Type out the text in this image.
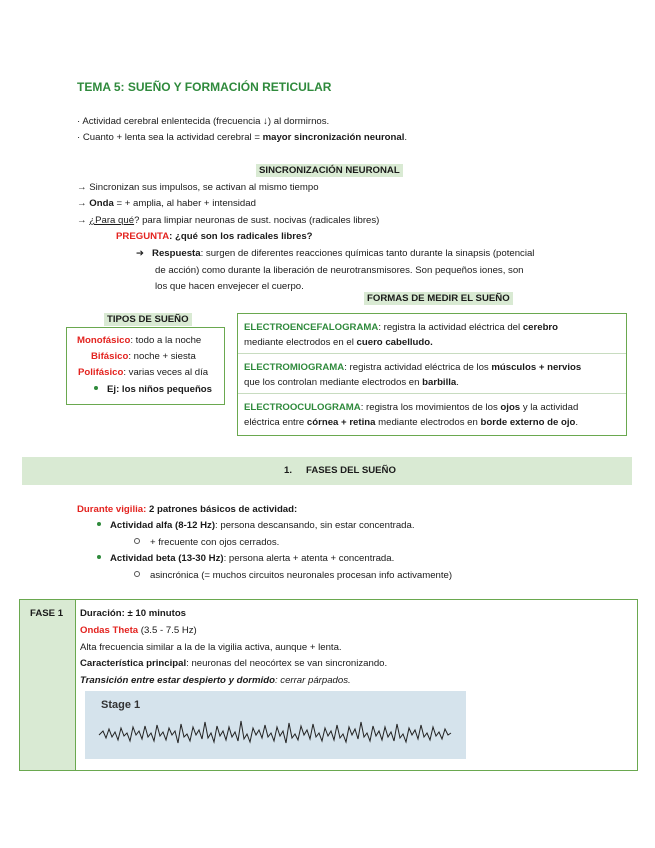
TEMA 5: SUEÑO Y FORMACIÓN RETICULAR
· Actividad cerebral enlentecida (frecuencia ↓) al dormirnos.
· Cuanto + lenta sea la actividad cerebral = mayor sincronización neuronal.
SINCRONIZACIÓN NEURONAL
→ Sincronizan sus impulsos, se activan al mismo tiempo
→ Onda = + amplia, al haber + intensidad
→ ¿Para qué? para limpiar neuronas de sust. nocivas (radicales libres)
PREGUNTA: ¿qué son los radicales libres?
➔ Respuesta: surgen de diferentes reacciones químicas tanto durante la sinapsis (potencial
de acción) como durante la liberación de neurotransmisores. Son pequeños iones, son
los que hacen envejecer el cuerpo.
TIPOS DE SUEÑO
Monofásico: todo a la noche
Bifásico: noche + siesta
Polifásico: varias veces al día
Ej: los niños pequeños
FORMAS DE MEDIR EL SUEÑO
ELECTROENCEFALOGRAMA: registra la actividad eléctrica del cerebro
mediante electrodos en el cuero cabelludo.
ELECTROMIOGRAMA: registra actividad eléctrica de los músculos + nervios
que los controlan mediante electrodos en barbilla.
ELECTROOCULOGRAMA: registra los movimientos de los ojos y la actividad
eléctrica entre córnea + retina mediante electrodos en borde externo de ojo.
1. FASES DEL SUEÑO
Durante vigilia: 2 patrones básicos de actividad:
Actividad alfa (8-12 Hz): persona descansando, sin estar concentrada.
+ frecuente con ojos cerrados.
Actividad beta (13-30 Hz): persona alerta + atenta + concentrada.
asincrónica (= muchos circuitos neuronales procesan info activamente)
FASE 1 Duración: ± 10 minutos
Ondas Theta (3.5 - 7.5 Hz)
Alta frecuencia similar a la de la vigilia activa, aunque + lenta.
Característica principal: neuronas del neocórtex se van sincronizando.
Transición entre estar despierto y dormido: cerrar párpados.
Stage 1
